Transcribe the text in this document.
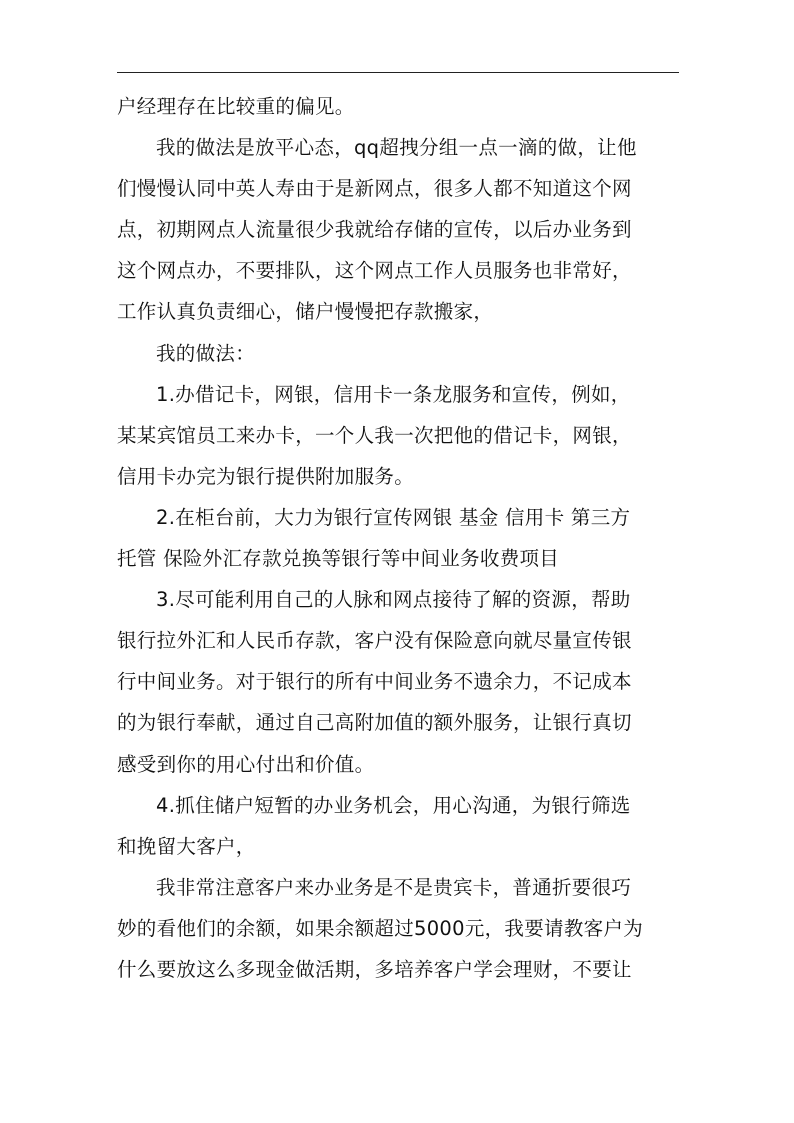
户经理存在比较重的偏见。
我的做法是放平心态，qq超拽分组一点一滴的做，让他
们慢慢认同中英人寿由于是新网点，很多人都不知道这个网
点，初期网点人流量很少我就给存储的宣传，以后办业务到
这个网点办，不要排队，这个网点工作人员服务也非常好，
工作认真负责细心，储户慢慢把存款搬家，
我的做法：
1.办借记卡，网银，信用卡一条龙服务和宣传，例如，
某某宾馆员工来办卡，一个人我一次把他的借记卡，网银，
信用卡办完为银行提供附加服务。
2.在柜台前，大力为银行宣传网银 基金 信用卡 第三方
托管 保险外汇存款兑换等银行等中间业务收费项目
3.尽可能利用自己的人脉和网点接待了解的资源，帮助
银行拉外汇和人民币存款，客户没有保险意向就尽量宣传银
行中间业务。对于银行的所有中间业务不遗余力，不记成本
的为银行奉献，通过自己高附加值的额外服务，让银行真切
感受到你的用心付出和价值。
4.抓住储户短暂的办业务机会，用心沟通，为银行筛选
和挽留大客户，
我非常注意客户来办业务是不是贵宾卡，普通折要很巧
妙的看他们的余额，如果余额超过5000元，我要请教客户为
什么要放这么多现金做活期，多培养客户学会理财，不要让
